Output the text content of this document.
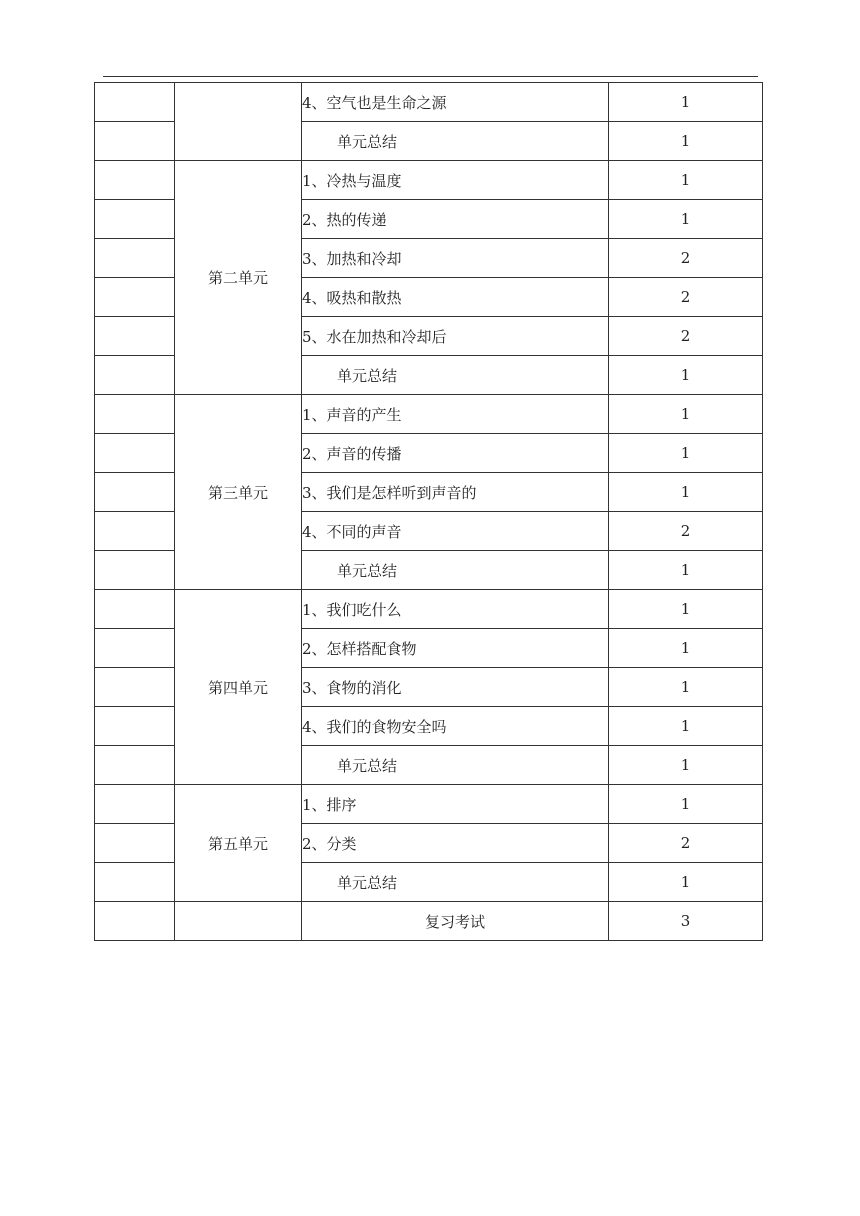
		4、空气也是生命之源	1
		单元总结	1
	第二单元	1、冷热与温度	1
		2、热的传递	1
		3、加热和冷却	2
		4、吸热和散热	2
		5、水在加热和冷却后	2
		单元总结	1
	第三单元	1、声音的产生	1
		2、声音的传播	1
		3、我们是怎样听到声音的	1
		4、不同的声音	2
		单元总结	1
	第四单元	1、我们吃什么	1
		2、怎样搭配食物	1
		3、食物的消化	1
		4、我们的食物安全吗	1
		单元总结	1
	第五单元	1、排序	1
		2、分类	2
		单元总结	1
		复习考试	3
